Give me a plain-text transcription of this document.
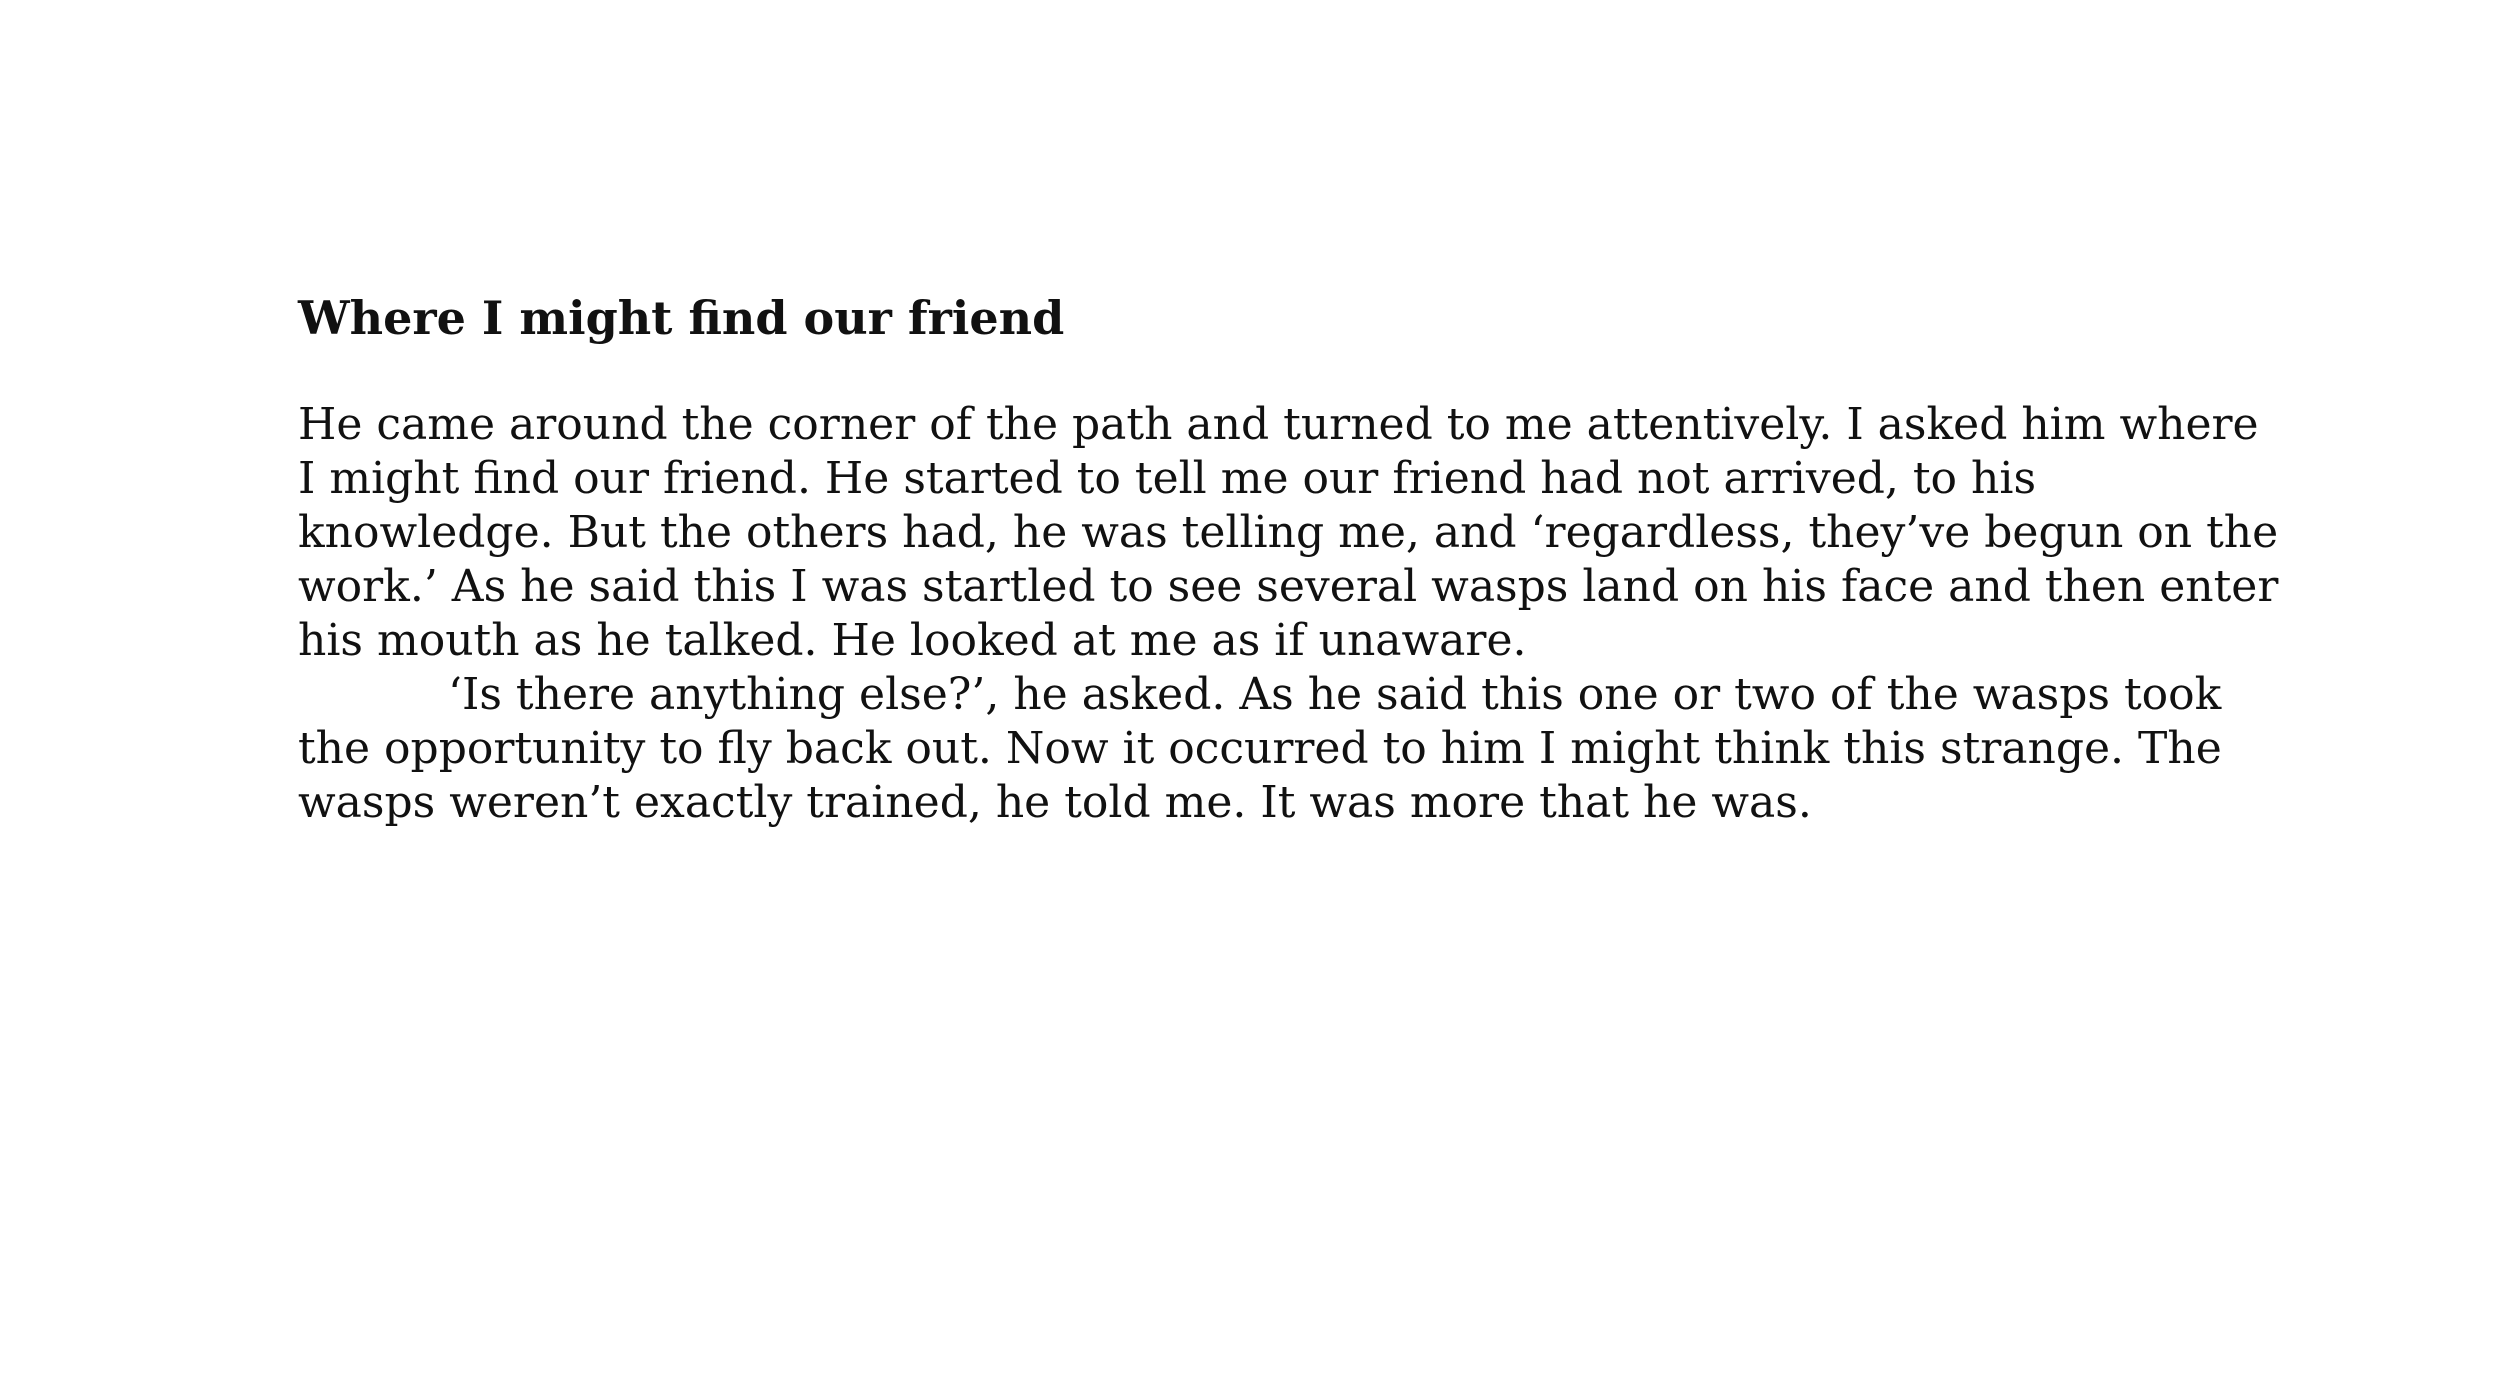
Where I might find our friend
He came around the corner of the path and turned to me attentively. I asked him where
I might find our friend. He started to tell me our friend had not arrived, to his
knowledge. But the others had, he was telling me, and ‘regardless, they’ve begun on the
work.’ As he said this I was startled to see several wasps land on his face and then enter
his mouth as he talked. He looked at me as if unaware.
‘Is there anything else?’, he asked. As he said this one or two of the wasps took
the opportunity to fly back out. Now it occurred to him I might think this strange. The
wasps weren’t exactly trained, he told me. It was more that he was.
